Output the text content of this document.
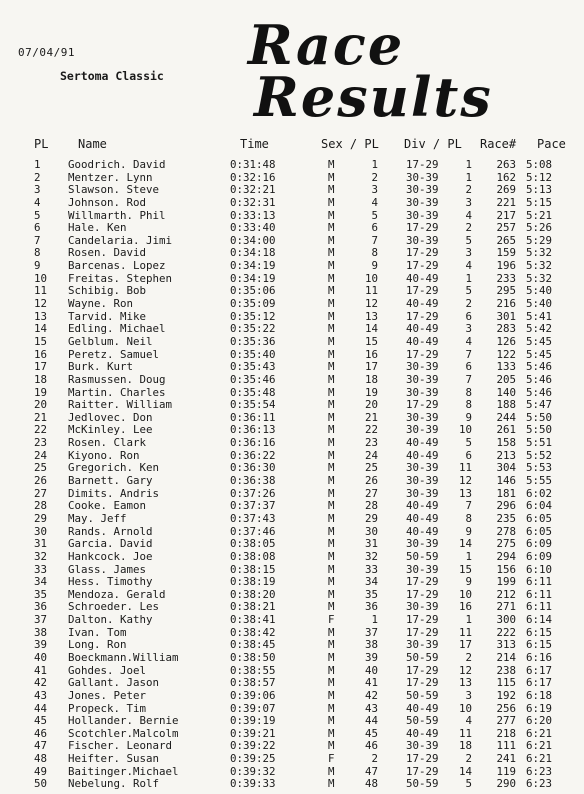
07/04/91
Sertoma Classic Race
Results
PL Name	Time	Sex / PL Div / PL Race# Pace
1	Goodrich. David	0:31:48	M	1	17-29	1	263 5:08
2	Mentzer. Lynn	0:32:16	M	2	30-39	1	162 5:12
3	Slawson. Steve	0:32:21	M	3	30-39	2	269 5:13
4	Johnson. Rod	0:32:31	M	4	30-39	3	221 5:15
5	Willmarth. Phil	0:33:13	M	5	30-39	4	217 5:21
6	Hale. Ken	0:33:40	M	6	17-29	2	257 5:26
7	Candelaria. Jimi	0:34:00	M	7	30-39	5	265 5:29
8	Rosen. David	0:34:18	M	8	17-29	3	159 5:32
9	Barcenas. Lopez	0:34:19	M	9	17-29	4	196 5:32
10 Freitas. Stephen	0:34:19	M	10	40-49	1	233 5:32
11 Schibig. Bob	0:35:06	M	11	17-29	5	295 5:40
12 Wayne. Ron	0:35:09	M	12	40-49	2	216 5:40
13 Tarvid. Mike	0:35:12	M	13	17-29	6	301 5:41
14 Edling. Michael	0:35:22	M	14	40-49	3	283 5:42
15 Gelblum. Neil	0:35:36	M	15	40-49	4	126 5:45
16 Peretz. Samuel	0:35:40	M	16	17-29	7	122 5:45
17 Burk. Kurt	0:35:43	M	17	30-39	6	133 5:46
18 Rasmussen. Doug	0:35:46	M	18	30-39	7	205 5:46
19 Martin. Charles	0:35:48	M	19	30-39	8	140 5:46
20 Raitter. William	0:35:54	M	20	17-29	8	188 5:47
21 Jedlovec. Don	0:36:11	M	21	30-39	9	244 5:50
22 McKinley. Lee	0:36:13	M	22	30-39	10	261 5:50
23 Rosen. Clark	0:36:16	M	23	40-49	5	158 5:51
24 Kiyono. Ron	0:36:22	M	24	40-49	6	213 5:52
25 Gregorich. Ken	0:36:30	M	25	30-39	11	304 5:53
26 Barnett. Gary	0:36:38	M	26	30-39	12	146 5:55
27 Dimits. Andris	0:37:26	M	27	30-39	13	181 6:02
28 Cooke. Eamon	0:37:37	M	28	40-49	7	296 6:04
29 May. Jeff	0:37:43	M	29	40-49	8	235 6:05
30 Rands. Arnold	0:37:46	M	30	40-49	9	278 6:05
31 Garcia. David	0:38:05	M	31	30-39	14	275 6:09
32 Hankcock. Joe	0:38:08	M	32	50-59	1	294 6:09
33 Glass. James	0:38:15	M	33	30-39	15	156 6:10
34 Hess. Timothy	0:38:19	M	34	17-29	9	199 6:11
35 Mendoza. Gerald	0:38:20	M	35	17-29	10	212 6:11
36 Schroeder. Les	0:38:21	M	36	30-39	16	271 6:11
37 Dalton. Kathy	0:38:41	F	1	17-29	1	300 6:14
38 Ivan. Tom	0:38:42	M	37	17-29	11	222 6:15
39 Long. Ron	0:38:45	M	38	30-39	17	313 6:15
40 Boeckmann.William	0:38:50	M	39	50-59	2	214 6:16
41 Gohdes. Joel	0:38:55	M	40	17-29	12	238 6:17
42 Gallant. Jason	0:38:57	M	41	17-29	13	115 6:17
43 Jones. Peter	0:39:06	M	42	50-59	3	192 6:18
44 Propeck. Tim	0:39:07	M	43	40-49	10	256 6:19
45 Hollander. Bernie	0:39:19	M	44	50-59	4	277 6:20
46 Scotchler.Malcolm	0:39:21	M	45	40-49	11	218 6:21
47 Fischer. Leonard	0:39:22	M	46	30-39	18	111 6:21
48 Heifter. Susan	0:39:25	F	2	17-29	2	241 6:21
49 Baitinger.Michael	0:39:32	M	47	17-29	14	119 6:23
50 Nebelung. Rolf	0:39:33	M	48	50-59	5	290 6:23
